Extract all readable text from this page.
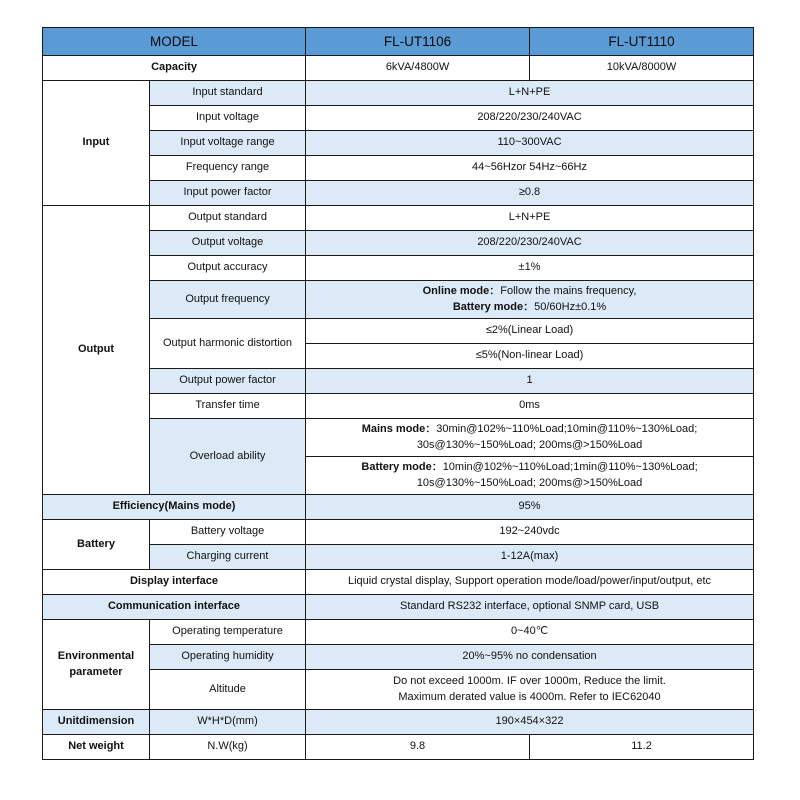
MODEL		FL-UT1106	FL-UT1110
Capacity		6kVA/4800W	10kVA/8000W
Input	Input standard	L+N+PE	
	Input voltage	208/220/230/240VAC	
	Input voltage range	110~300VAC	
	Frequency range	44~56Hzor 54Hz~66Hz	
	Input power factor	≥0.8	
Output	Output standard	L+N+PE	
	Output voltage	208/220/230/240VAC	
	Output accuracy	±1%	
	Output frequency	Online mode：Follow the mains frequency,
Battery mode：50/60Hz±0.1%	

	Output harmonic distortion	≤2%(Linear Load)	
		≤5%(Non-linear Load)	
	Output power factor	1	
	Transfer time	0ms	
	Overload ability	Mains mode：30min@102%~110%Load;10min@110%~130%Load;
30s@130%~150%Load; 200ms@>150%Load	

		Battery mode：10min@102%~110%Load;1min@110%~130%Load;
10s@130%~150%Load; 200ms@>150%Load	

Efficiency(Mains mode)		95%	
Battery	Battery voltage	192~240vdc	
	Charging current	1-12A(max)	
Display interface		Liquid crystal display, Support operation mode/load/power/input/output, etc	
Communication interface		Standard RS232 interface, optional SNMP card, USB	

Environmental
parameter	Operating temperature	0~40℃	
	Operating humidity	20%~95% no condensation	
	Altitude	Do not exceed 1000m. IF over 1000m, Reduce the limit.
Maximum derated value is 4000m. Refer to IEC62040	

Unitdimension	W*H*D(mm)	190×454×322	
Net weight	N.W(kg)	9.8	11.2
